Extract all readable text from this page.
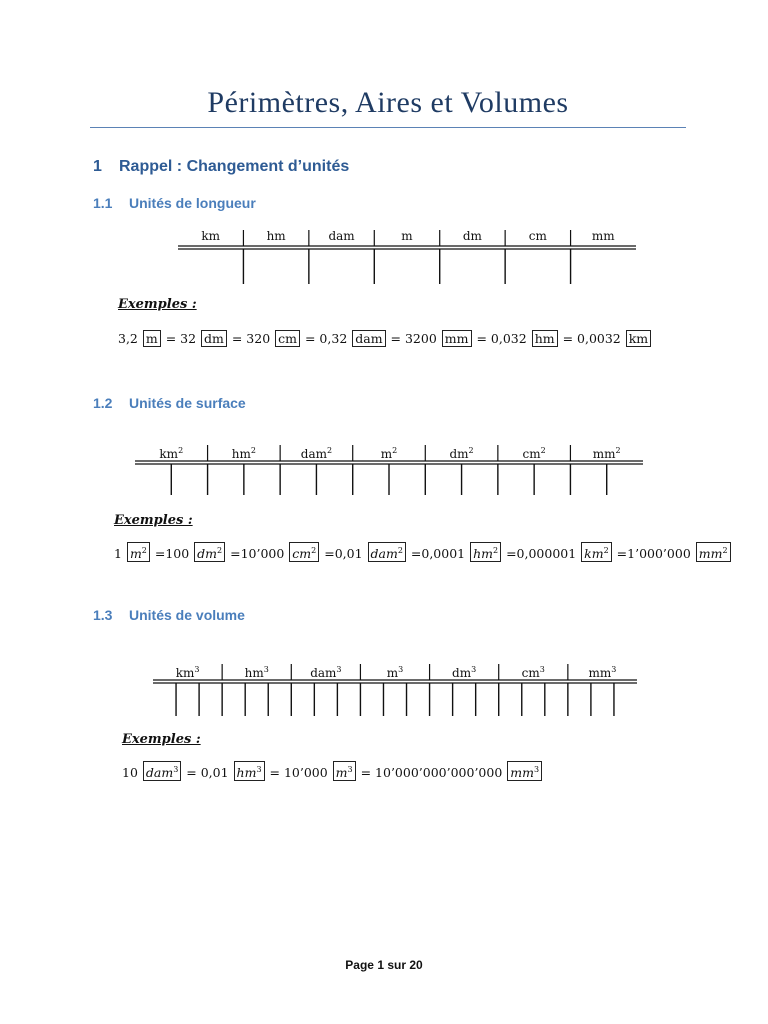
Périmètres, Aires et Volumes
1 Rappel : Changement d’unités
1.1 Unités de longueur
km	hm	dam	m	dm	cm	mm
Exemples :
3,2 m = 32 dm = 320 cm = 0,32 dam = 3200 mm = 0,032 hm = 0,0032 km
1.2 Unités de surface
$km^2$	$hm^2$	dam$^2$	$m^2$	$dm^2$	$cm^2$	$mm^2$
Exemples :
1 $m^2 =100$ $dm^2$ =10’000 $cm^2 =0,01$ dam$^2$ =0,0001 $hm^2 =0,000001$ $km^2$ =1’000’000 $mm^2$
1.3 Unités de volume
$km^3$	$hm^3$	dam$^3$	$m^3$	$dm^3$	$cm^3$	$mm^3$
Exemples :
10 dam$^3$ = 0,01 $hm^3$ = 10’000 $m^3$ = 10’000’000’000’000 $mm^3$
Page 1 sur 20
